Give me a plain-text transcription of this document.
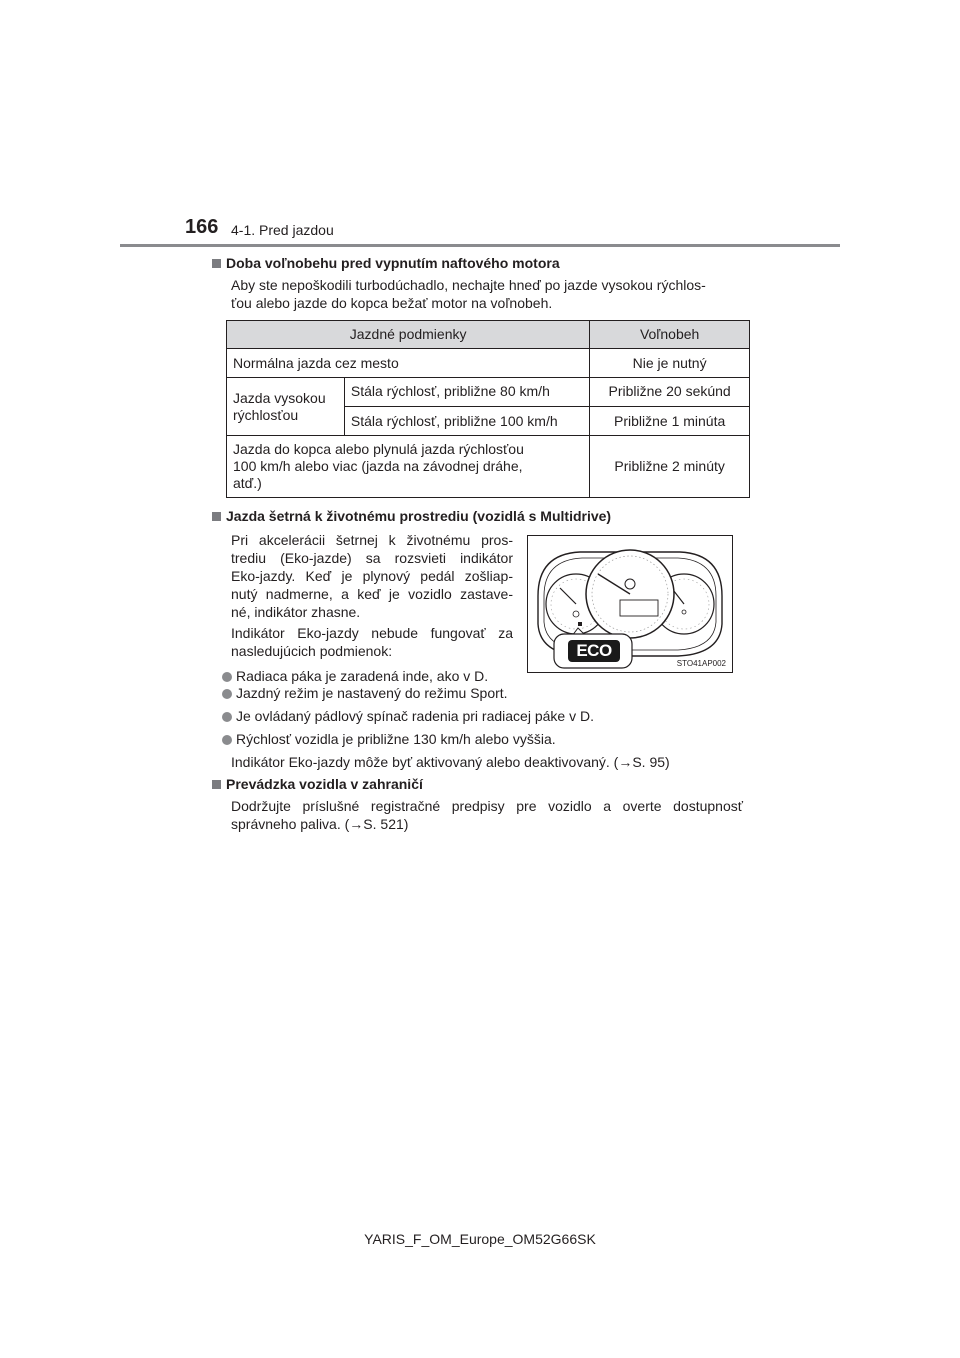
166 4-1. Pred jazdou
Doba voľnobehu pred vypnutím naftového motora
Aby ste nepoškodili turbodúchadlo, nechajte hneď po jazde vysokou rýchlos-
ťou alebo jazde do kopca bežať motor na voľnobeh.
Jazdné podmienky		Voľnobeh
Normálna jazda cez mesto		Nie je nutný

Jazda vysokou
rýchlosťou	Stála rýchlosť, približne 80 km/h	Približne 20 sekúnd
	Stála rýchlosť, približne 100 km/h	Približne 1 minúta

Jazda do kopca alebo plynulá jazda rýchlosťou
100 km/h alebo viac (jazda na závodnej dráhe,
atď.)		Približne 2 minúty
Jazda šetrná k životnému prostrediu (vozidlá s Multidrive)
Pri akcelerácii šetrnej k životnému pros-
trediu (Eko-jazde) sa rozsvieti indikátor
Eko-jazdy. Keď je plynový pedál zošliap-
nutý nadmerne, a keď je vozidlo zastave-
né, indikátor zhasne.
Indikátor Eko-jazdy nebude fungovať za
nasledujúcich podmienok:
Radiaca páka je zaradená inde, ako v D.
Jazdný režim je nastavený do režimu Sport.
Je ovládaný pádlový spínač radenia pri radiacej páke v D.
Rýchlosť vozidla je približne 130 km/h alebo vyššia.
Indikátor Eko-jazdy môže byť aktivovaný alebo deaktivovaný. (→S. 95)
ECO
STO41AP002
Prevádzka vozidla v zahraničí
Dodržujte príslušné registračné predpisy pre vozidlo a overte dostupnosť
správneho paliva. (→S. 521)
YARIS_F_OM_Europe_OM52G66SK
